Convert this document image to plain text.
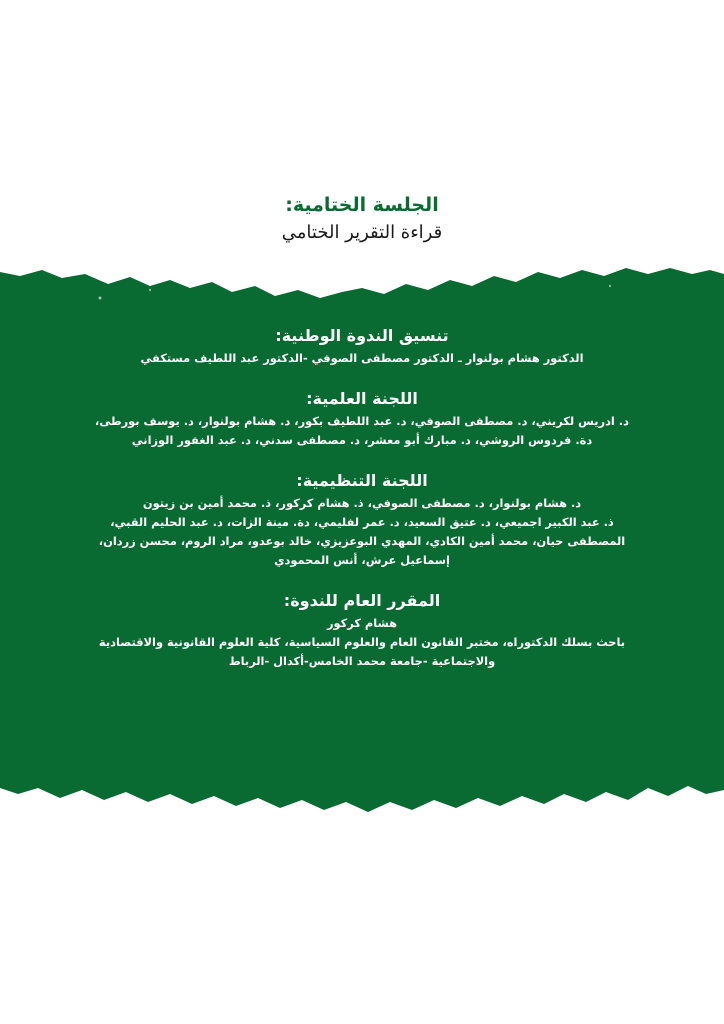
الجلسة الختامية:

قراءة التقرير الختامي

تنسيق الندوة الوطنية:

الدكتور هشام بولنوار ـ الدكتور مصطفى الصوفي -الدكتور عبد اللطيف مستكفي

اللجنة العلمية:

د. ادريس لكريني، د. مصطفى الصوفي، د. عبد اللطيف بكور، د. هشام بولنوار، د. يوسف بورطى،

دة. فردوس الروشي، د. مبارك أبو معشر، د. مصطفى سدني، د. عبد الغفور الوزاني

اللجنة التنظيمية:

د. هشام بولنوار، د. مصطفى الصوفي، ذ. هشام كركور، ذ. محمد أمين بن زيتون

ذ. عبد الكبير اجميعي، د. عتيق السعيد، د. عمر لفليمي، دة. مينة الزات، د. عبد الحليم القبي،

المصطفى حيان، محمد أمين الكادي، المهدي البوعزيزي، خالد بوعدو، مراد الروم، محسن زردان،

إسماعيل عرش، أنس المحمودي

المقرر العام للندوة:

هشام كركور

باحث بسلك الدكتوراه، مختبر القانون العام والعلوم السياسية، كلية العلوم القانونية والاقتصادية

والاجتماعية -جامعة محمد الخامس-أكدال -الرباط
